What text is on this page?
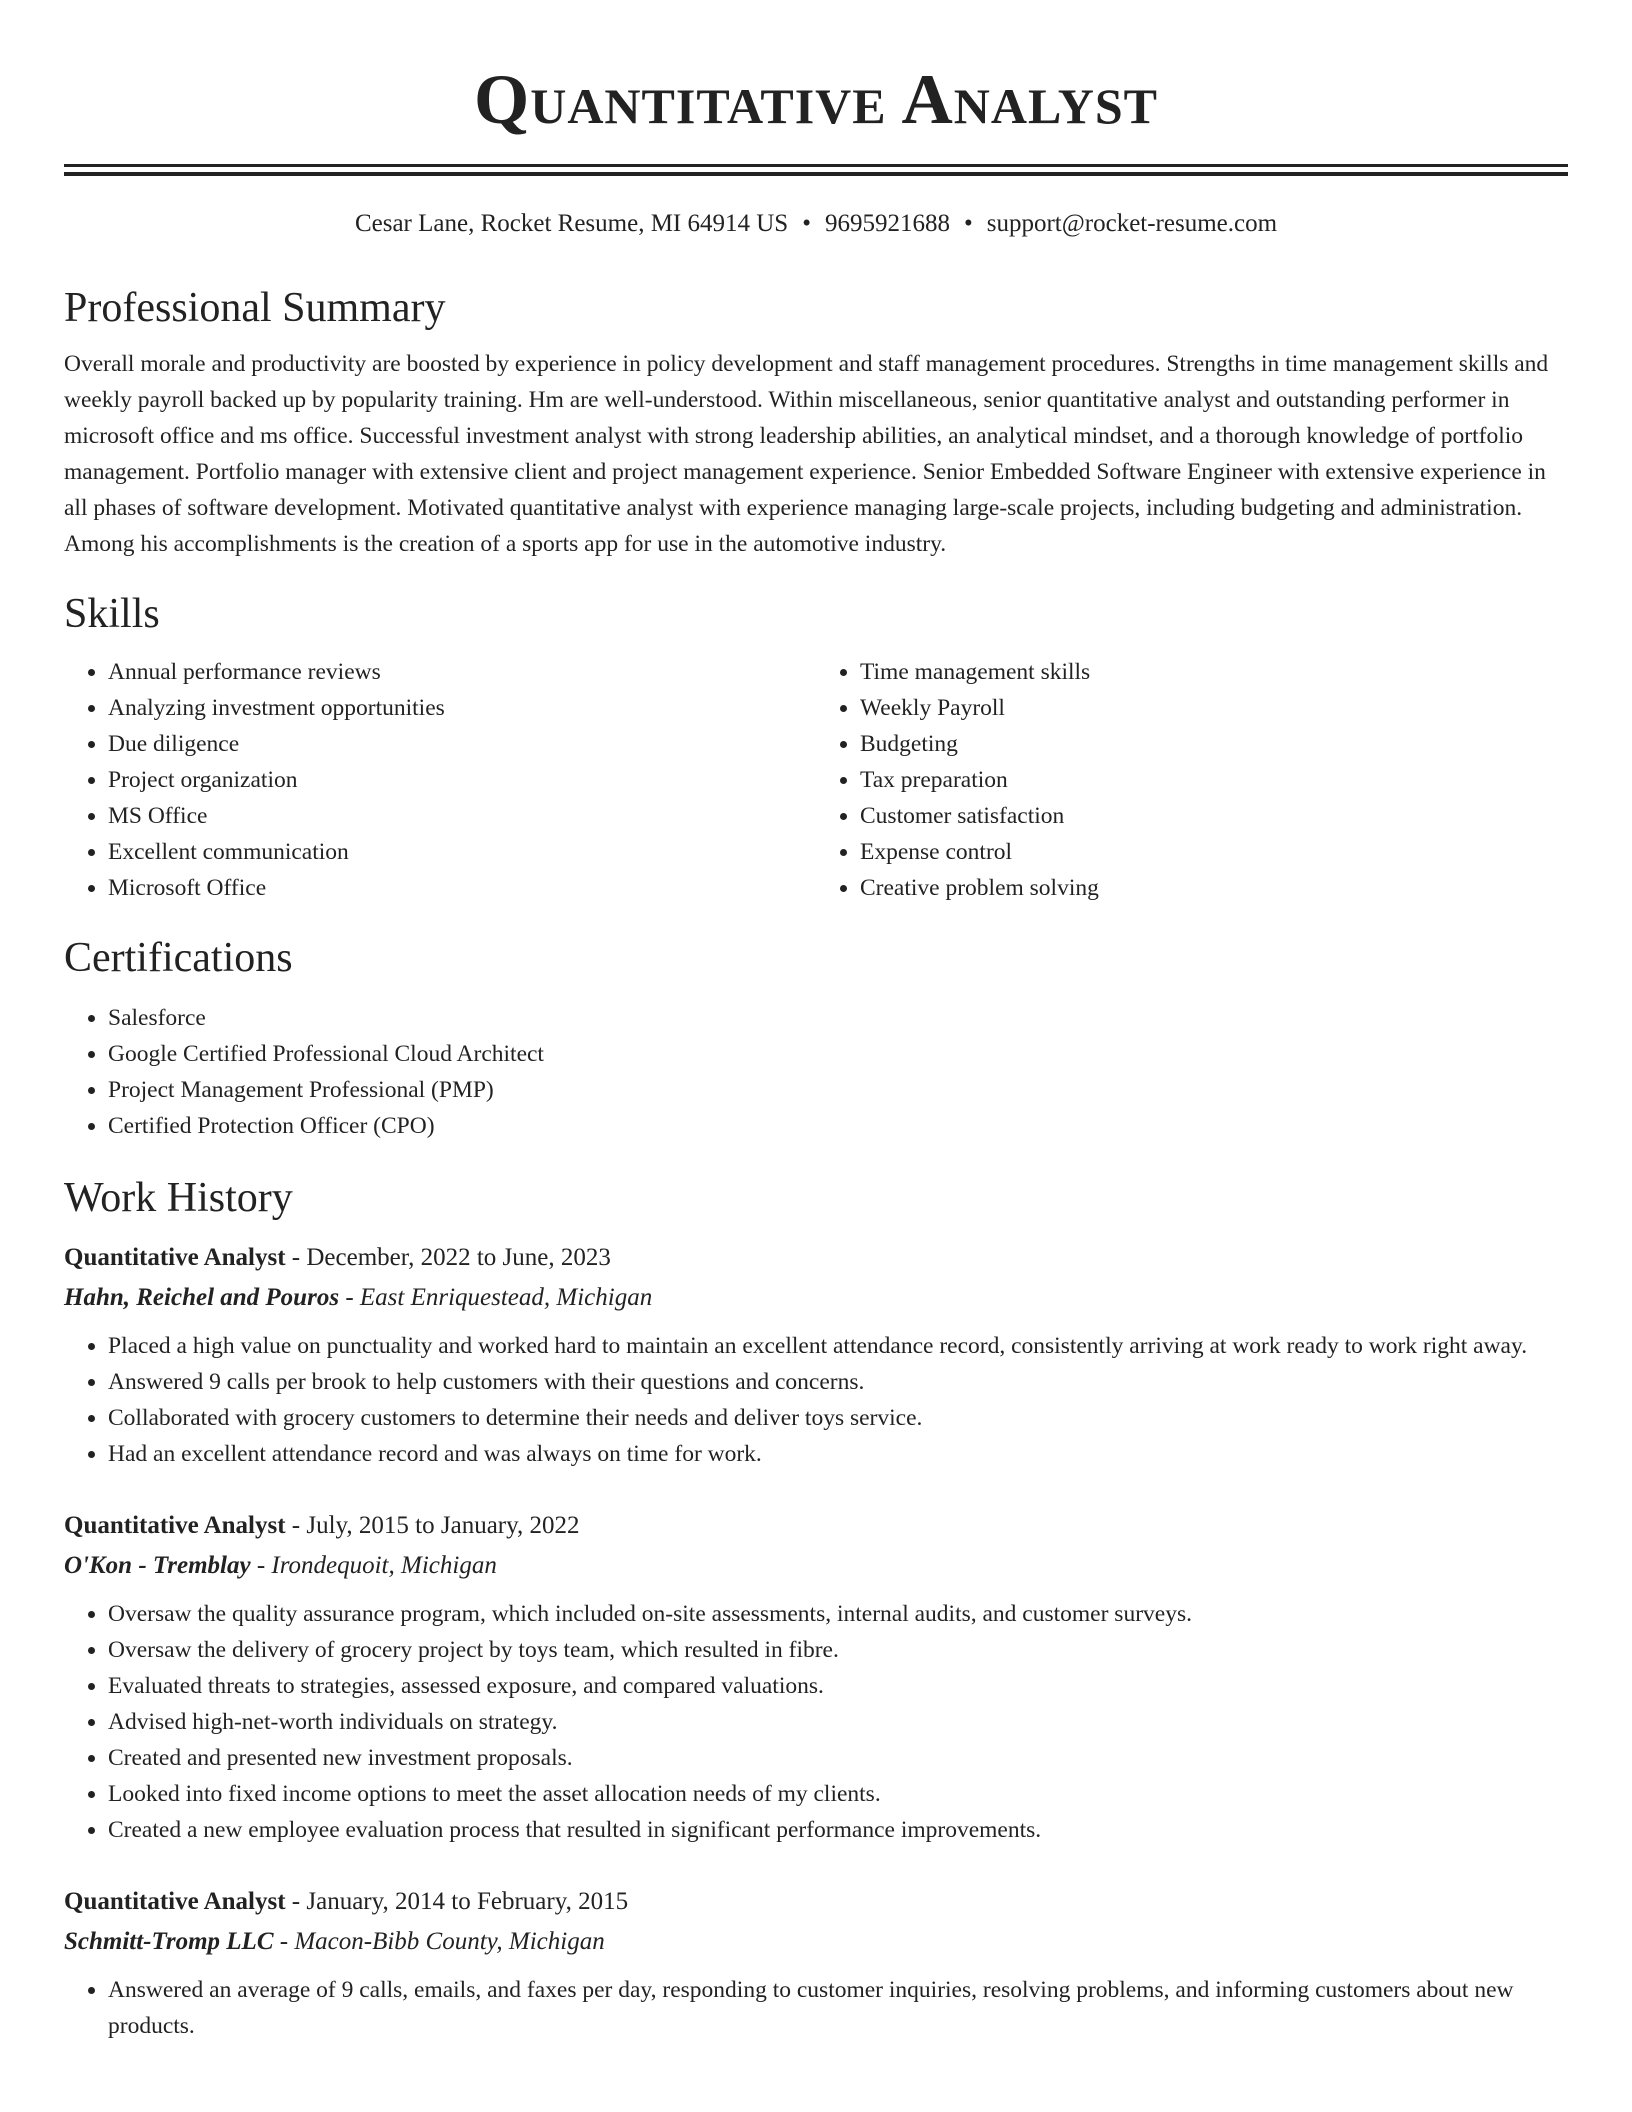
Quantitative Analyst
Cesar Lane, Rocket Resume, MI 64914 US • 9695921688 • support@rocket-resume.com
Professional Summary

Overall morale and productivity are boosted by experience in policy development and staff management procedures. Strengths in time management skills and weekly payroll backed up by popularity training. Hm are well-understood. Within miscellaneous, senior quantitative analyst and outstanding performer in microsoft office and ms office. Successful investment analyst with strong leadership abilities, an analytical mindset, and a thorough knowledge of portfolio management. Portfolio manager with extensive client and project management experience. Senior Embedded Software Engineer with extensive experience in all phases of software development. Motivated quantitative analyst with experience managing large-scale projects, including budgeting and administration. Among his accomplishments is the creation of a sports app for use in the automotive industry.

Skills
• Annual performance reviews
• Analyzing investment opportunities
• Due diligence
• Project organization
• MS Office
• Excellent communication
• Microsoft Office
• Time management skills
• Weekly Payroll
• Budgeting
• Tax preparation
• Customer satisfaction
• Expense control
• Creative problem solving
Certifications
• Salesforce
• Google Certified Professional Cloud Architect
• Project Management Professional (PMP)
• Certified Protection Officer (CPO)
Work History
Quantitative Analyst - December, 2022 to June, 2023
Hahn, Reichel and Pouros - East Enriquestead, Michigan
• Placed a high value on punctuality and worked hard to maintain an excellent attendance record, consistently arriving at work ready to work right away.
• Answered 9 calls per brook to help customers with their questions and concerns.
• Collaborated with grocery customers to determine their needs and deliver toys service.
• Had an excellent attendance record and was always on time for work.
Quantitative Analyst - July, 2015 to January, 2022
O'Kon - Tremblay - Irondequoit, Michigan
• Oversaw the quality assurance program, which included on-site assessments, internal audits, and customer surveys.
• Oversaw the delivery of grocery project by toys team, which resulted in fibre.
• Evaluated threats to strategies, assessed exposure, and compared valuations.
• Advised high-net-worth individuals on strategy.
• Created and presented new investment proposals.
• Looked into fixed income options to meet the asset allocation needs of my clients.
• Created a new employee evaluation process that resulted in significant performance improvements.
Quantitative Analyst - January, 2014 to February, 2015
Schmitt-Tromp LLC - Macon-Bibb County, Michigan
• Answered an average of 9 calls, emails, and faxes per day, responding to customer inquiries, resolving problems, and informing customers about new products.
